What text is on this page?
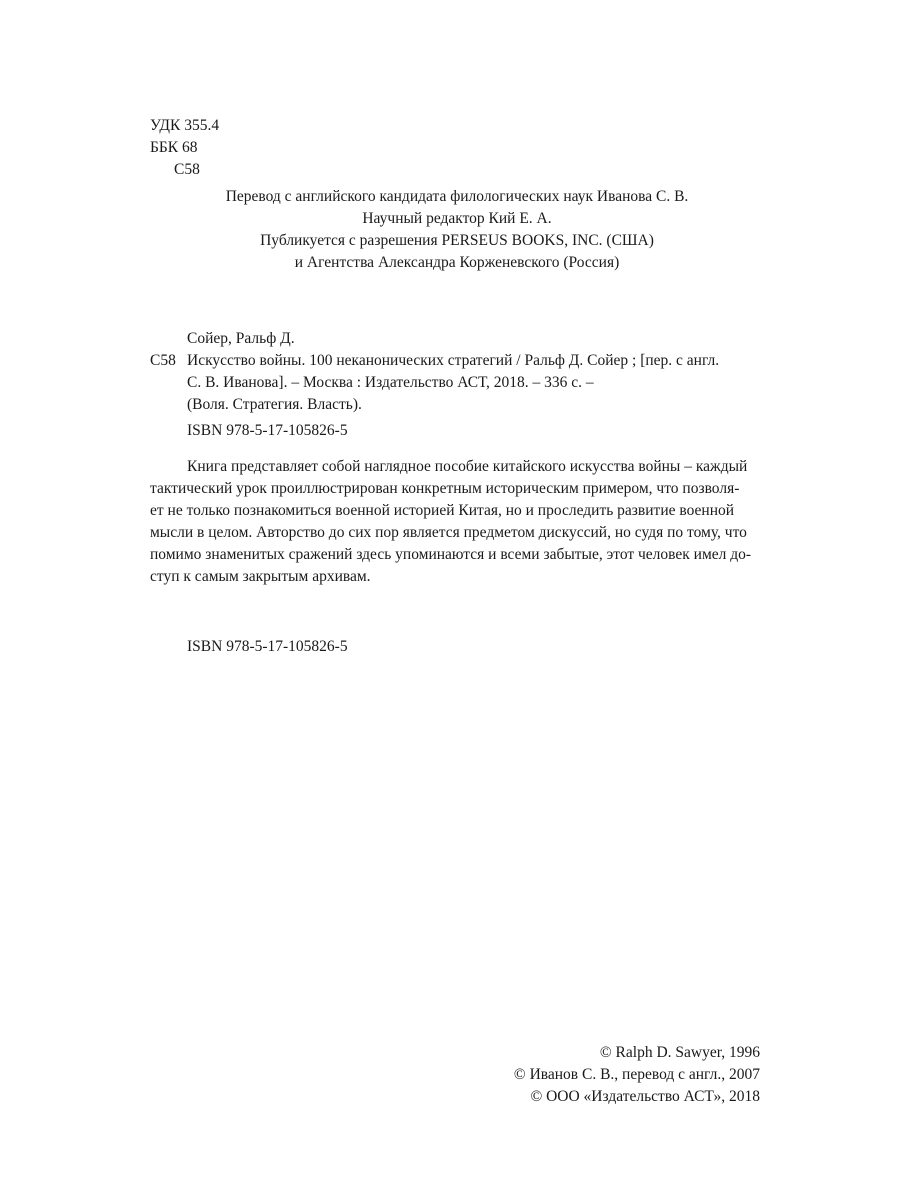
УДК 355.4
ББК 68
С58
Перевод с английского кандидата филологических наук Иванова С. В.
Научный редактор Кий Е. А.
Публикуется с разрешения PERSEUS BOOKS, INC. (США)
и Агентства Александра Корженевского (Россия)
Сойер, Ральф Д.
С58 Искусство войны. 100 неканонических стратегий / Ральф Д. Сойер ; [пер. с англ.
С. В. Иванова]. – Москва : Издательство АСТ, 2018. – 336 с. –
(Воля. Стратегия. Власть).
ISBN 978-5-17-105826-5
Книга представляет собой наглядное пособие китайского искусства войны – каждый
тактический урок проиллюстрирован конкретным историческим примером, что позволя-
ет не только познакомиться военной историей Китая, но и проследить развитие военной
мысли в целом. Авторство до сих пор является предметом дискуссий, но судя по тому, что
помимо знаменитых сражений здесь упоминаются и всеми забытые, этот человек имел до-
ступ к самым закрытым архивам.
ISBN 978-5-17-105826-5
© Ralph D. Sawyer, 1996
© Иванов С. В., перевод с англ., 2007
© ООО «Издательство АСТ», 2018
